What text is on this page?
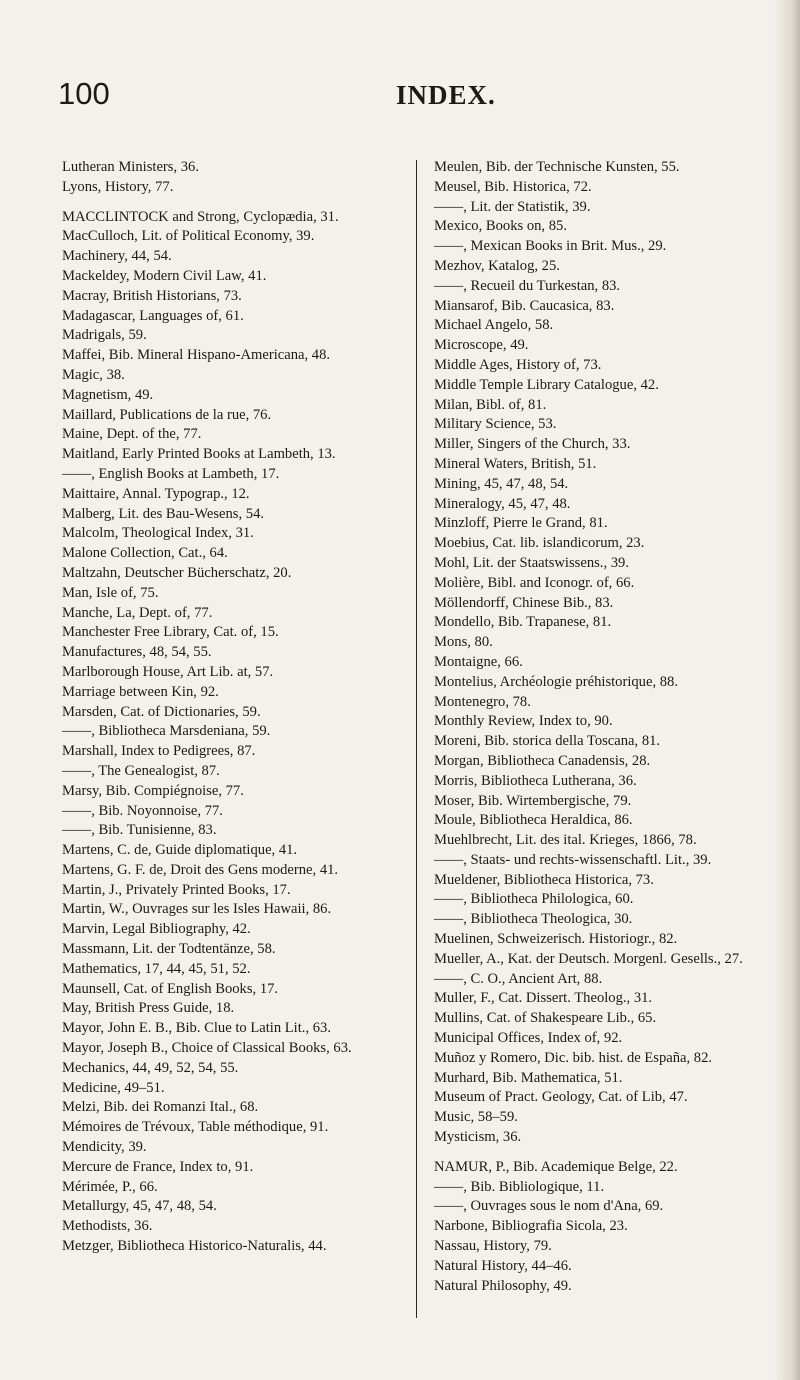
100	INDEX.

Lutheran Ministers, 36.

Lyons, History, 77.

MACCLINTOCK and Strong, Cyclopædia, 31.

MacCulloch, Lit. of Political Economy, 39.

Machinery, 44, 54.

Mackeldey, Modern Civil Law, 41.

Macray, British Historians, 73.

Madagascar, Languages of, 61.

Madrigals, 59.

Maffei, Bib. Mineral Hispano-Americana, 48.

Magic, 38.

Magnetism, 49.

Maillard, Publications de la rue, 76.

Maine, Dept. of the, 77.

Maitland, Early Printed Books at Lambeth, 13.

——, English Books at Lambeth, 17.

Maittaire, Annal. Typograp., 12.

Malberg, Lit. des Bau-Wesens, 54.

Malcolm, Theological Index, 31.

Malone Collection, Cat., 64.

Maltzahn, Deutscher Bücherschatz, 20.

Man, Isle of, 75.

Manche, La, Dept. of, 77.

Manchester Free Library, Cat. of, 15.

Manufactures, 48, 54, 55.

Marlborough House, Art Lib. at, 57.

Marriage between Kin, 92.

Marsden, Cat. of Dictionaries, 59.

——, Bibliotheca Marsdeniana, 59.

Marshall, Index to Pedigrees, 87.

——, The Genealogist, 87.

Marsy, Bib. Compiégnoise, 77.

——, Bib. Noyonnoise, 77.

——, Bib. Tunisienne, 83.

Martens, C. de, Guide diplomatique, 41.

Martens, G. F. de, Droit des Gens moderne, 41.

Martin, J., Privately Printed Books, 17.

Martin, W., Ouvrages sur les Isles Hawaii, 86.

Marvin, Legal Bibliography, 42.

Massmann, Lit. der Todtentänze, 58.

Mathematics, 17, 44, 45, 51, 52.

Maunsell, Cat. of English Books, 17.

May, British Press Guide, 18.

Mayor, John E. B., Bib. Clue to Latin Lit., 63.

Mayor, Joseph B., Choice of Classical Books, 63.

Mechanics, 44, 49, 52, 54, 55.

Medicine, 49–51.

Melzi, Bib. dei Romanzi Ital., 68.

Mémoires de Trévoux, Table méthodique, 91.

Mendicity, 39.

Mercure de France, Index to, 91.

Mérimée, P., 66.

Metallurgy, 45, 47, 48, 54.

Methodists, 36.

Metzger, Bibliotheca Historico-Naturalis, 44.

Meulen, Bib. der Technische Kunsten, 55.

Meusel, Bib. Historica, 72.

——, Lit. der Statistik, 39.

Mexico, Books on, 85.

——, Mexican Books in Brit. Mus., 29.

Mezhov, Katalog, 25.

——, Recueil du Turkestan, 83.

Miansarof, Bib. Caucasica, 83.

Michael Angelo, 58.

Microscope, 49.

Middle Ages, History of, 73.

Middle Temple Library Catalogue, 42.

Milan, Bibl. of, 81.

Military Science, 53.

Miller, Singers of the Church, 33.

Mineral Waters, British, 51.

Mining, 45, 47, 48, 54.

Mineralogy, 45, 47, 48.

Minzloff, Pierre le Grand, 81.

Moebius, Cat. lib. islandicorum, 23.

Mohl, Lit. der Staatswissens., 39.

Molière, Bibl. and Iconogr. of, 66.

Möllendorff, Chinese Bib., 83.

Mondello, Bib. Trapanese, 81.

Mons, 80.

Montaigne, 66.

Montelius, Archéologie préhistorique, 88.

Montenegro, 78.

Monthly Review, Index to, 90.

Moreni, Bib. storica della Toscana, 81.

Morgan, Bibliotheca Canadensis, 28.

Morris, Bibliotheca Lutherana, 36.

Moser, Bib. Wirtembergische, 79.

Moule, Bibliotheca Heraldica, 86.

Muehlbrecht, Lit. des ital. Krieges, 1866, 78.

——, Staats- und rechts-wissenschaftl. Lit., 39.

Mueldener, Bibliotheca Historica, 73.

——, Bibliotheca Philologica, 60.

——, Bibliotheca Theologica, 30.

Muelinen, Schweizerisch. Historiogr., 82.

Mueller, A., Kat. der Deutsch. Morgenl. Gesells., 27.

——, C. O., Ancient Art, 88.

Muller, F., Cat. Dissert. Theolog., 31.

Mullins, Cat. of Shakespeare Lib., 65.

Municipal Offices, Index of, 92.

Muñoz y Romero, Dic. bib. hist. de España, 82.

Murhard, Bib. Mathematica, 51.

Museum of Pract. Geology, Cat. of Lib, 47.

Music, 58–59.

Mysticism, 36.

NAMUR, P., Bib. Academique Belge, 22.

——, Bib. Bibliologique, 11.

——, Ouvrages sous le nom d'Ana, 69.

Narbone, Bibliografia Sicola, 23.

Nassau, History, 79.

Natural History, 44–46.

Natural Philosophy, 49.
